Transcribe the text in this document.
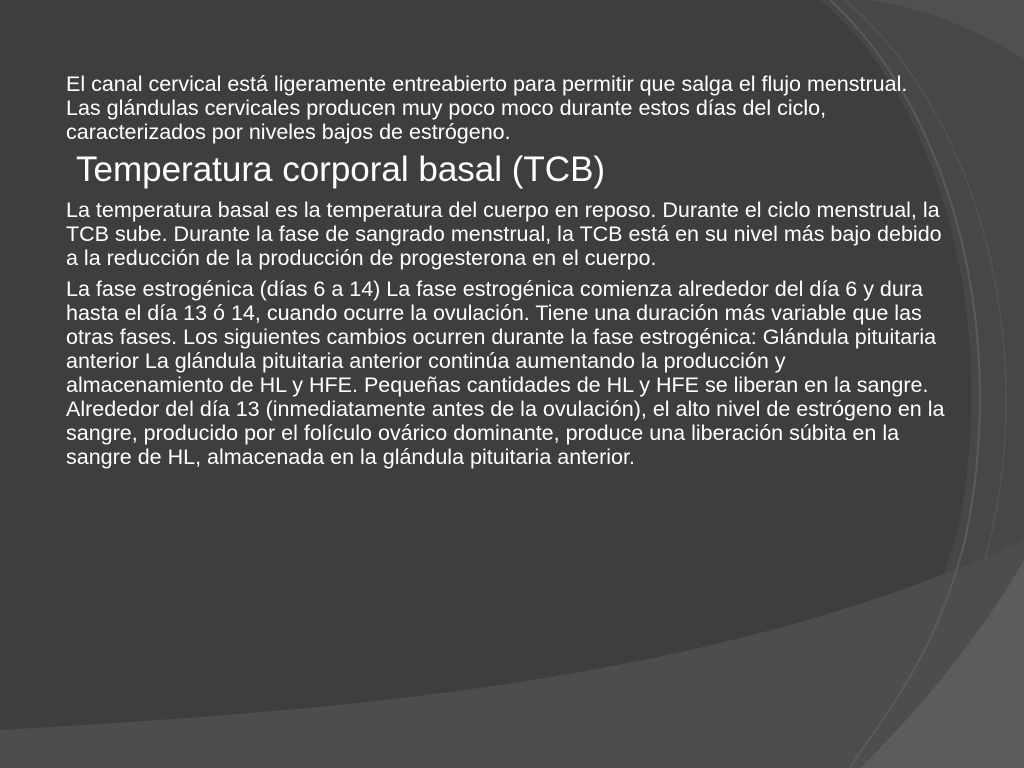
El canal cervical está ligeramente entreabierto para permitir que salga el flujo menstrual. Las glándulas cervicales producen muy poco moco durante estos días del ciclo, caracterizados por niveles bajos de estrógeno.

Temperatura corporal basal (TCB)

La temperatura basal es la temperatura del cuerpo en reposo. Durante el ciclo menstrual, la TCB sube. Durante la fase de sangrado menstrual, la TCB está en su nivel más bajo debido a la reducción de la producción de progesterona en el cuerpo.

La fase estrogénica (días 6 a 14) La fase estrogénica comienza alrededor del día 6 y dura hasta el día 13 ó 14, cuando ocurre la ovulación. Tiene una duración más variable que las otras fases. Los siguientes cambios ocurren durante la fase estrogénica: Glándula pituitaria anterior La glándula pituitaria anterior continúa aumentando la producción y almacenamiento de HL y HFE. Pequeñas cantidades de HL y HFE se liberan en la sangre. Alrededor del día 13 (inmediatamente antes de la ovulación), el alto nivel de estrógeno en la sangre, producido por el folículo ovárico dominante, produce una liberación súbita en la sangre de HL, almacenada en la glándula pituitaria anterior.
